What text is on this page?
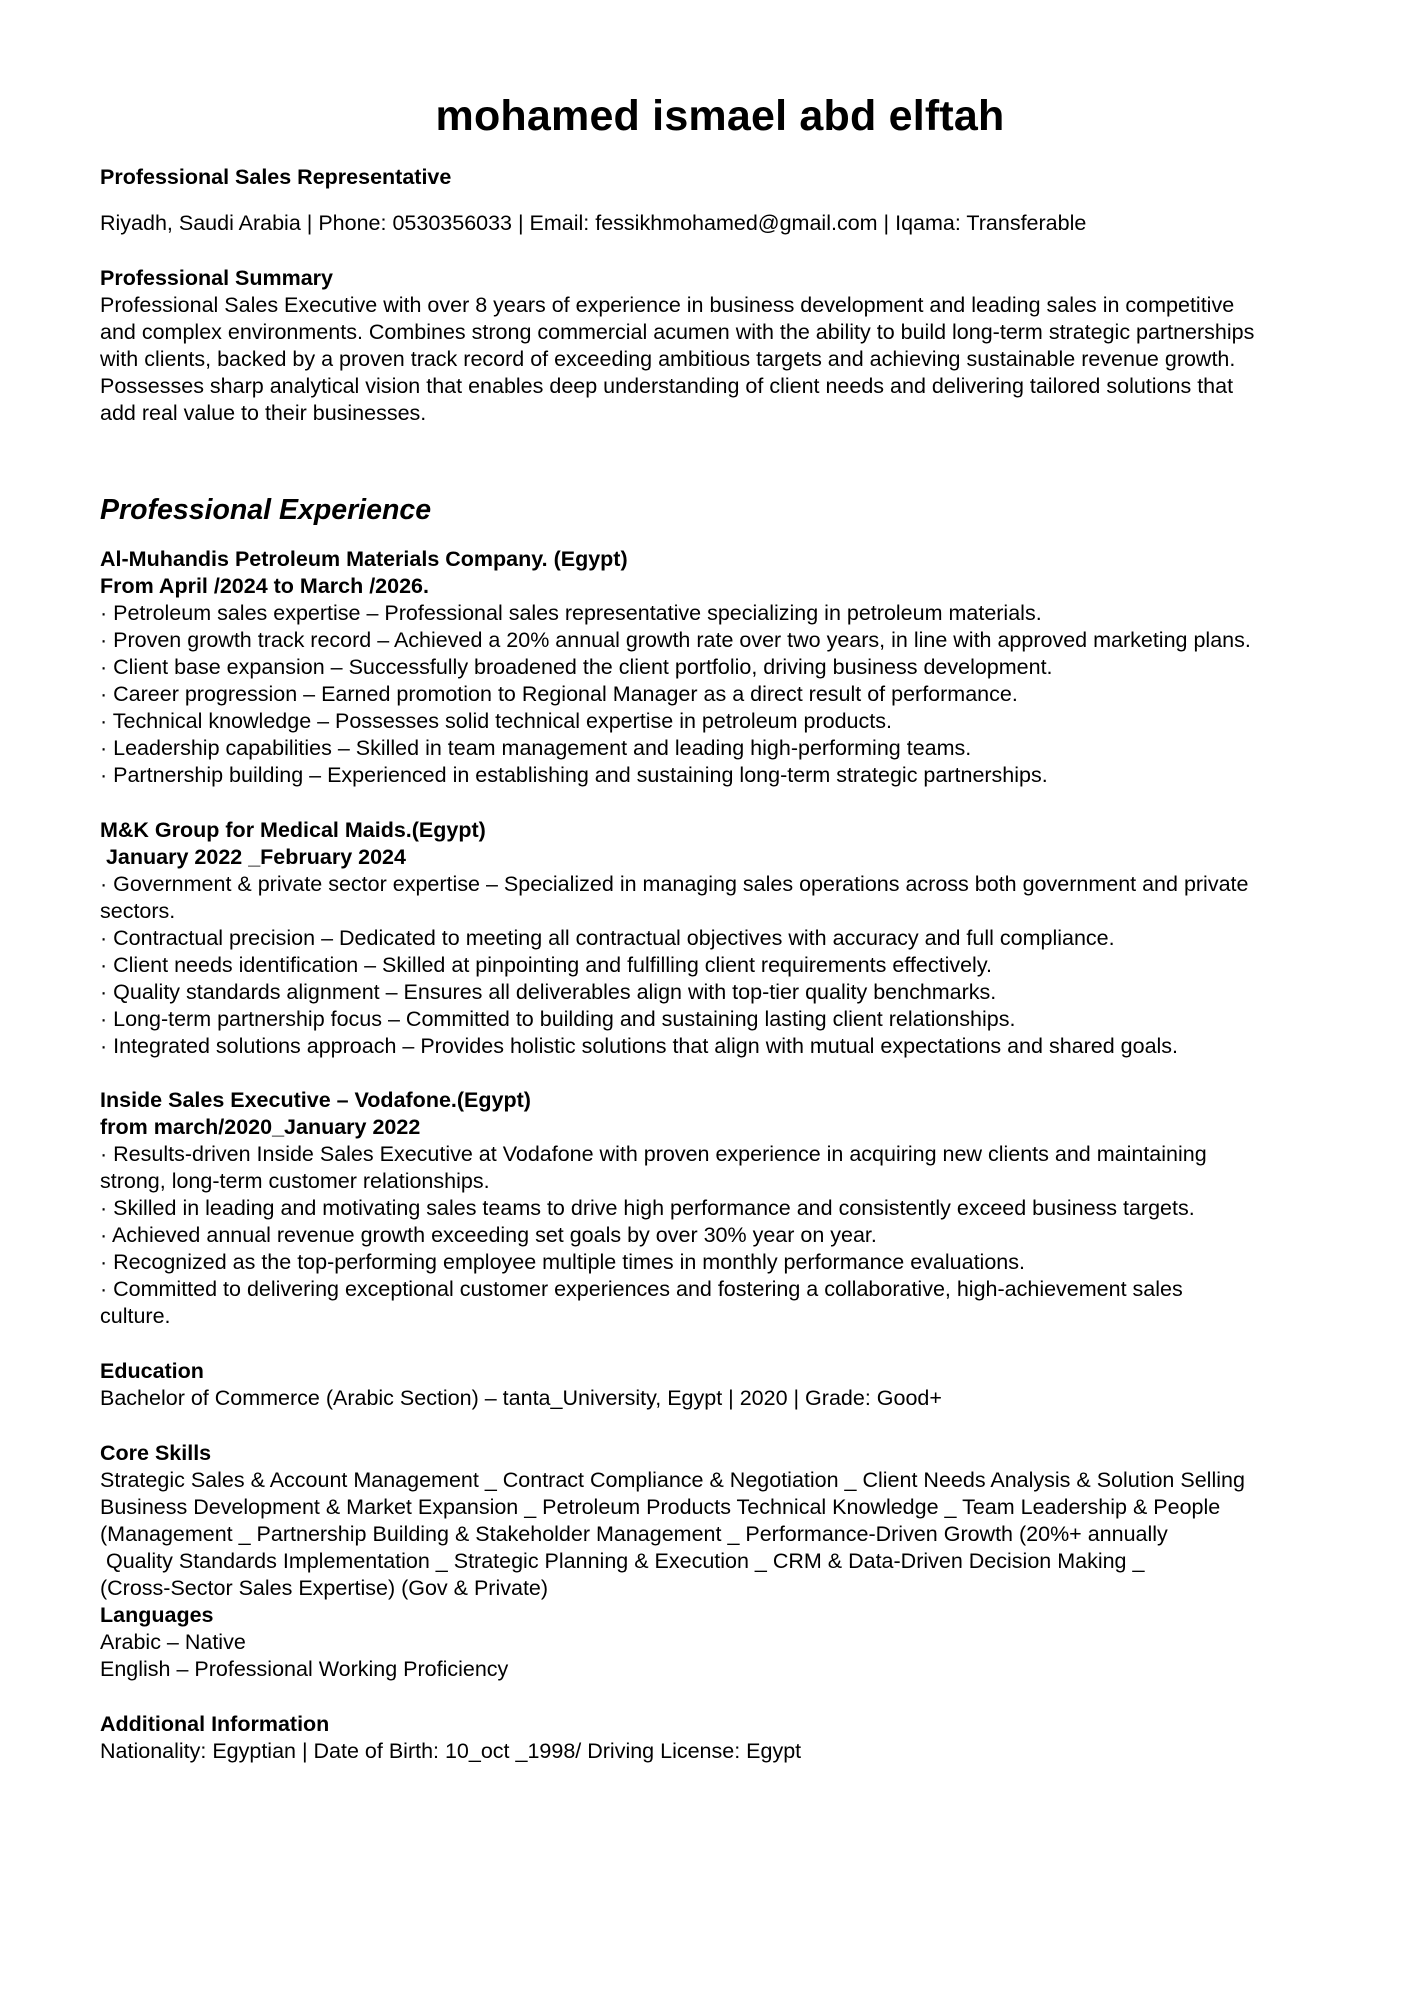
mohamed ismael abd elftah
Professional Sales Representative
Riyadh, Saudi Arabia | Phone: 0530356033 | Email: fessikhmohamed@gmail.com | Iqama: Transferable
Professional Summary
Professional Sales Executive with over 8 years of experience in business development and leading sales in competitive
and complex environments. Combines strong commercial acumen with the ability to build long-term strategic partnerships
with clients, backed by a proven track record of exceeding ambitious targets and achieving sustainable revenue growth.
Possesses sharp analytical vision that enables deep understanding of client needs and delivering tailored solutions that
add real value to their businesses.
Professional Experience
Al-Muhandis Petroleum Materials Company. (Egypt)
From April /2024 to March /2026.
· Petroleum sales expertise – Professional sales representative specializing in petroleum materials.
· Proven growth track record – Achieved a 20% annual growth rate over two years, in line with approved marketing plans.
· Client base expansion – Successfully broadened the client portfolio, driving business development.
· Career progression – Earned promotion to Regional Manager as a direct result of performance.
· Technical knowledge – Possesses solid technical expertise in petroleum products.
· Leadership capabilities – Skilled in team management and leading high-performing teams.
· Partnership building – Experienced in establishing and sustaining long-term strategic partnerships.
M&K Group for Medical Maids.(Egypt)
January 2022 _February 2024
· Government & private sector expertise – Specialized in managing sales operations across both government and private
sectors.
· Contractual precision – Dedicated to meeting all contractual objectives with accuracy and full compliance.
· Client needs identification – Skilled at pinpointing and fulfilling client requirements effectively.
· Quality standards alignment – Ensures all deliverables align with top-tier quality benchmarks.
· Long-term partnership focus – Committed to building and sustaining lasting client relationships.
· Integrated solutions approach – Provides holistic solutions that align with mutual expectations and shared goals.
Inside Sales Executive – Vodafone.(Egypt)
from march/2020_January 2022
· Results-driven Inside Sales Executive at Vodafone with proven experience in acquiring new clients and maintaining
strong, long-term customer relationships.
· Skilled in leading and motivating sales teams to drive high performance and consistently exceed business targets.
· Achieved annual revenue growth exceeding set goals by over 30% year on year.
· Recognized as the top-performing employee multiple times in monthly performance evaluations.
· Committed to delivering exceptional customer experiences and fostering a collaborative, high-achievement sales
culture.
Education
Bachelor of Commerce (Arabic Section) – tanta_University, Egypt | 2020 | Grade: Good+
Core Skills
Strategic Sales & Account Management _ Contract Compliance & Negotiation _ Client Needs Analysis & Solution Selling
Business Development & Market Expansion _ Petroleum Products Technical Knowledge _ Team Leadership & People
(Management _ Partnership Building & Stakeholder Management _ Performance-Driven Growth (20%+ annually
Quality Standards Implementation _ Strategic Planning & Execution _ CRM & Data-Driven Decision Making _
(Cross-Sector Sales Expertise) (Gov & Private)
Languages
Arabic – Native
English – Professional Working Proficiency
Additional Information
Nationality: Egyptian | Date of Birth: 10_oct _1998/ Driving License: Egypt
